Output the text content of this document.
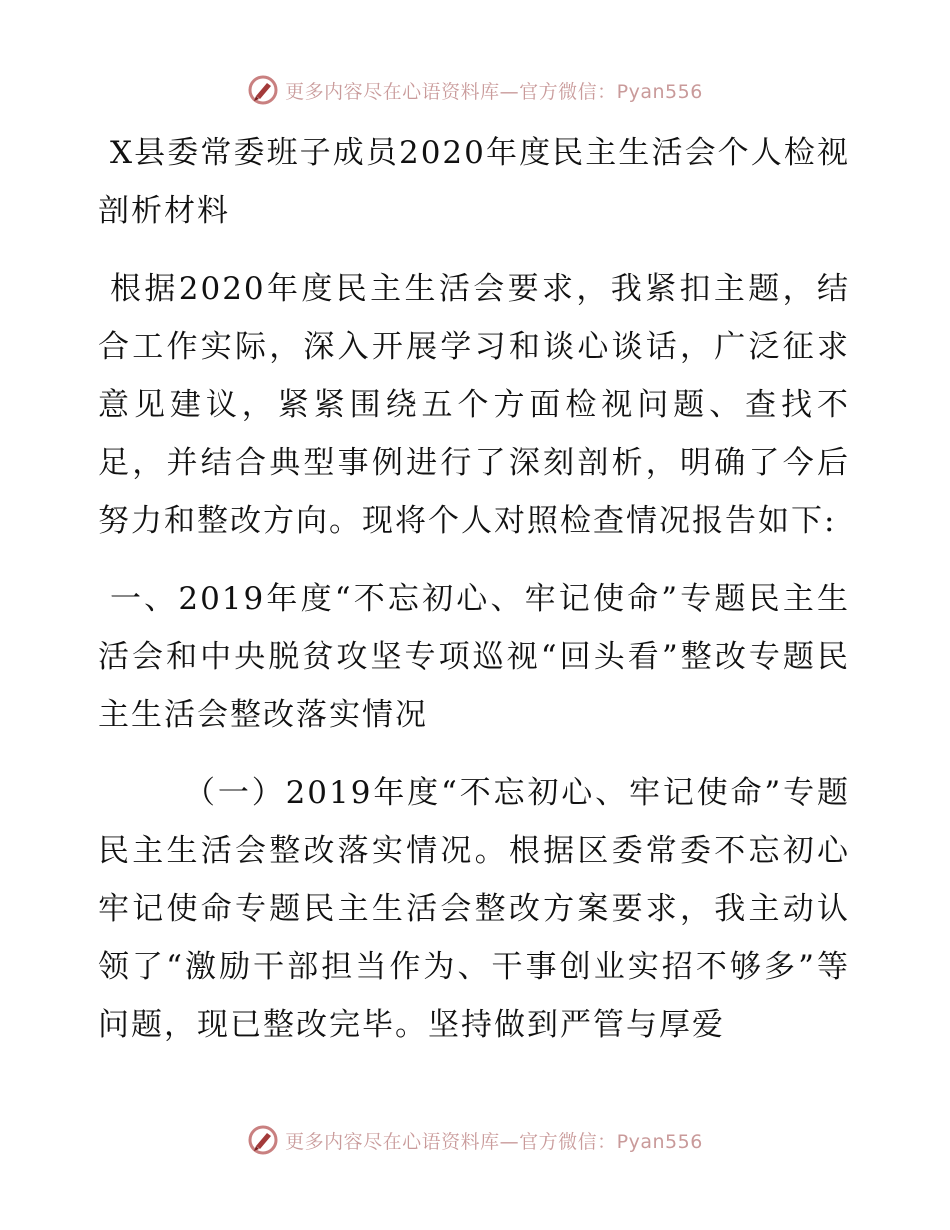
更多内容尽在心语资料库—官方微信：Pyan556

X县委常委班子成员2020年度民主生活会个人检视剖析材料

根据2020年度民主生活会要求，我紧扣主题，结合工作实际，深入开展学习和谈心谈话，广泛征求意见建议，紧紧围绕五个方面检视问题、查找不足，并结合典型事例进行了深刻剖析，明确了今后努力和整改方向。现将个人对照检查情况报告如下:

一、2019年度“不忘初心、牢记使命”专题民主生活会和中央脱贫攻坚专项巡视“回头看”整改专题民主生活会整改落实情况

（一）2019年度“不忘初心、牢记使命”专题民主生活会整改落实情况。根据区委常委不忘初心牢记使命专题民主生活会整改方案要求，我主动认领了“激励干部担当作为、干事创业实招不够多”等问题，现已整改完毕。坚持做到严管与厚爱

更多内容尽在心语资料库—官方微信：Pyan556
